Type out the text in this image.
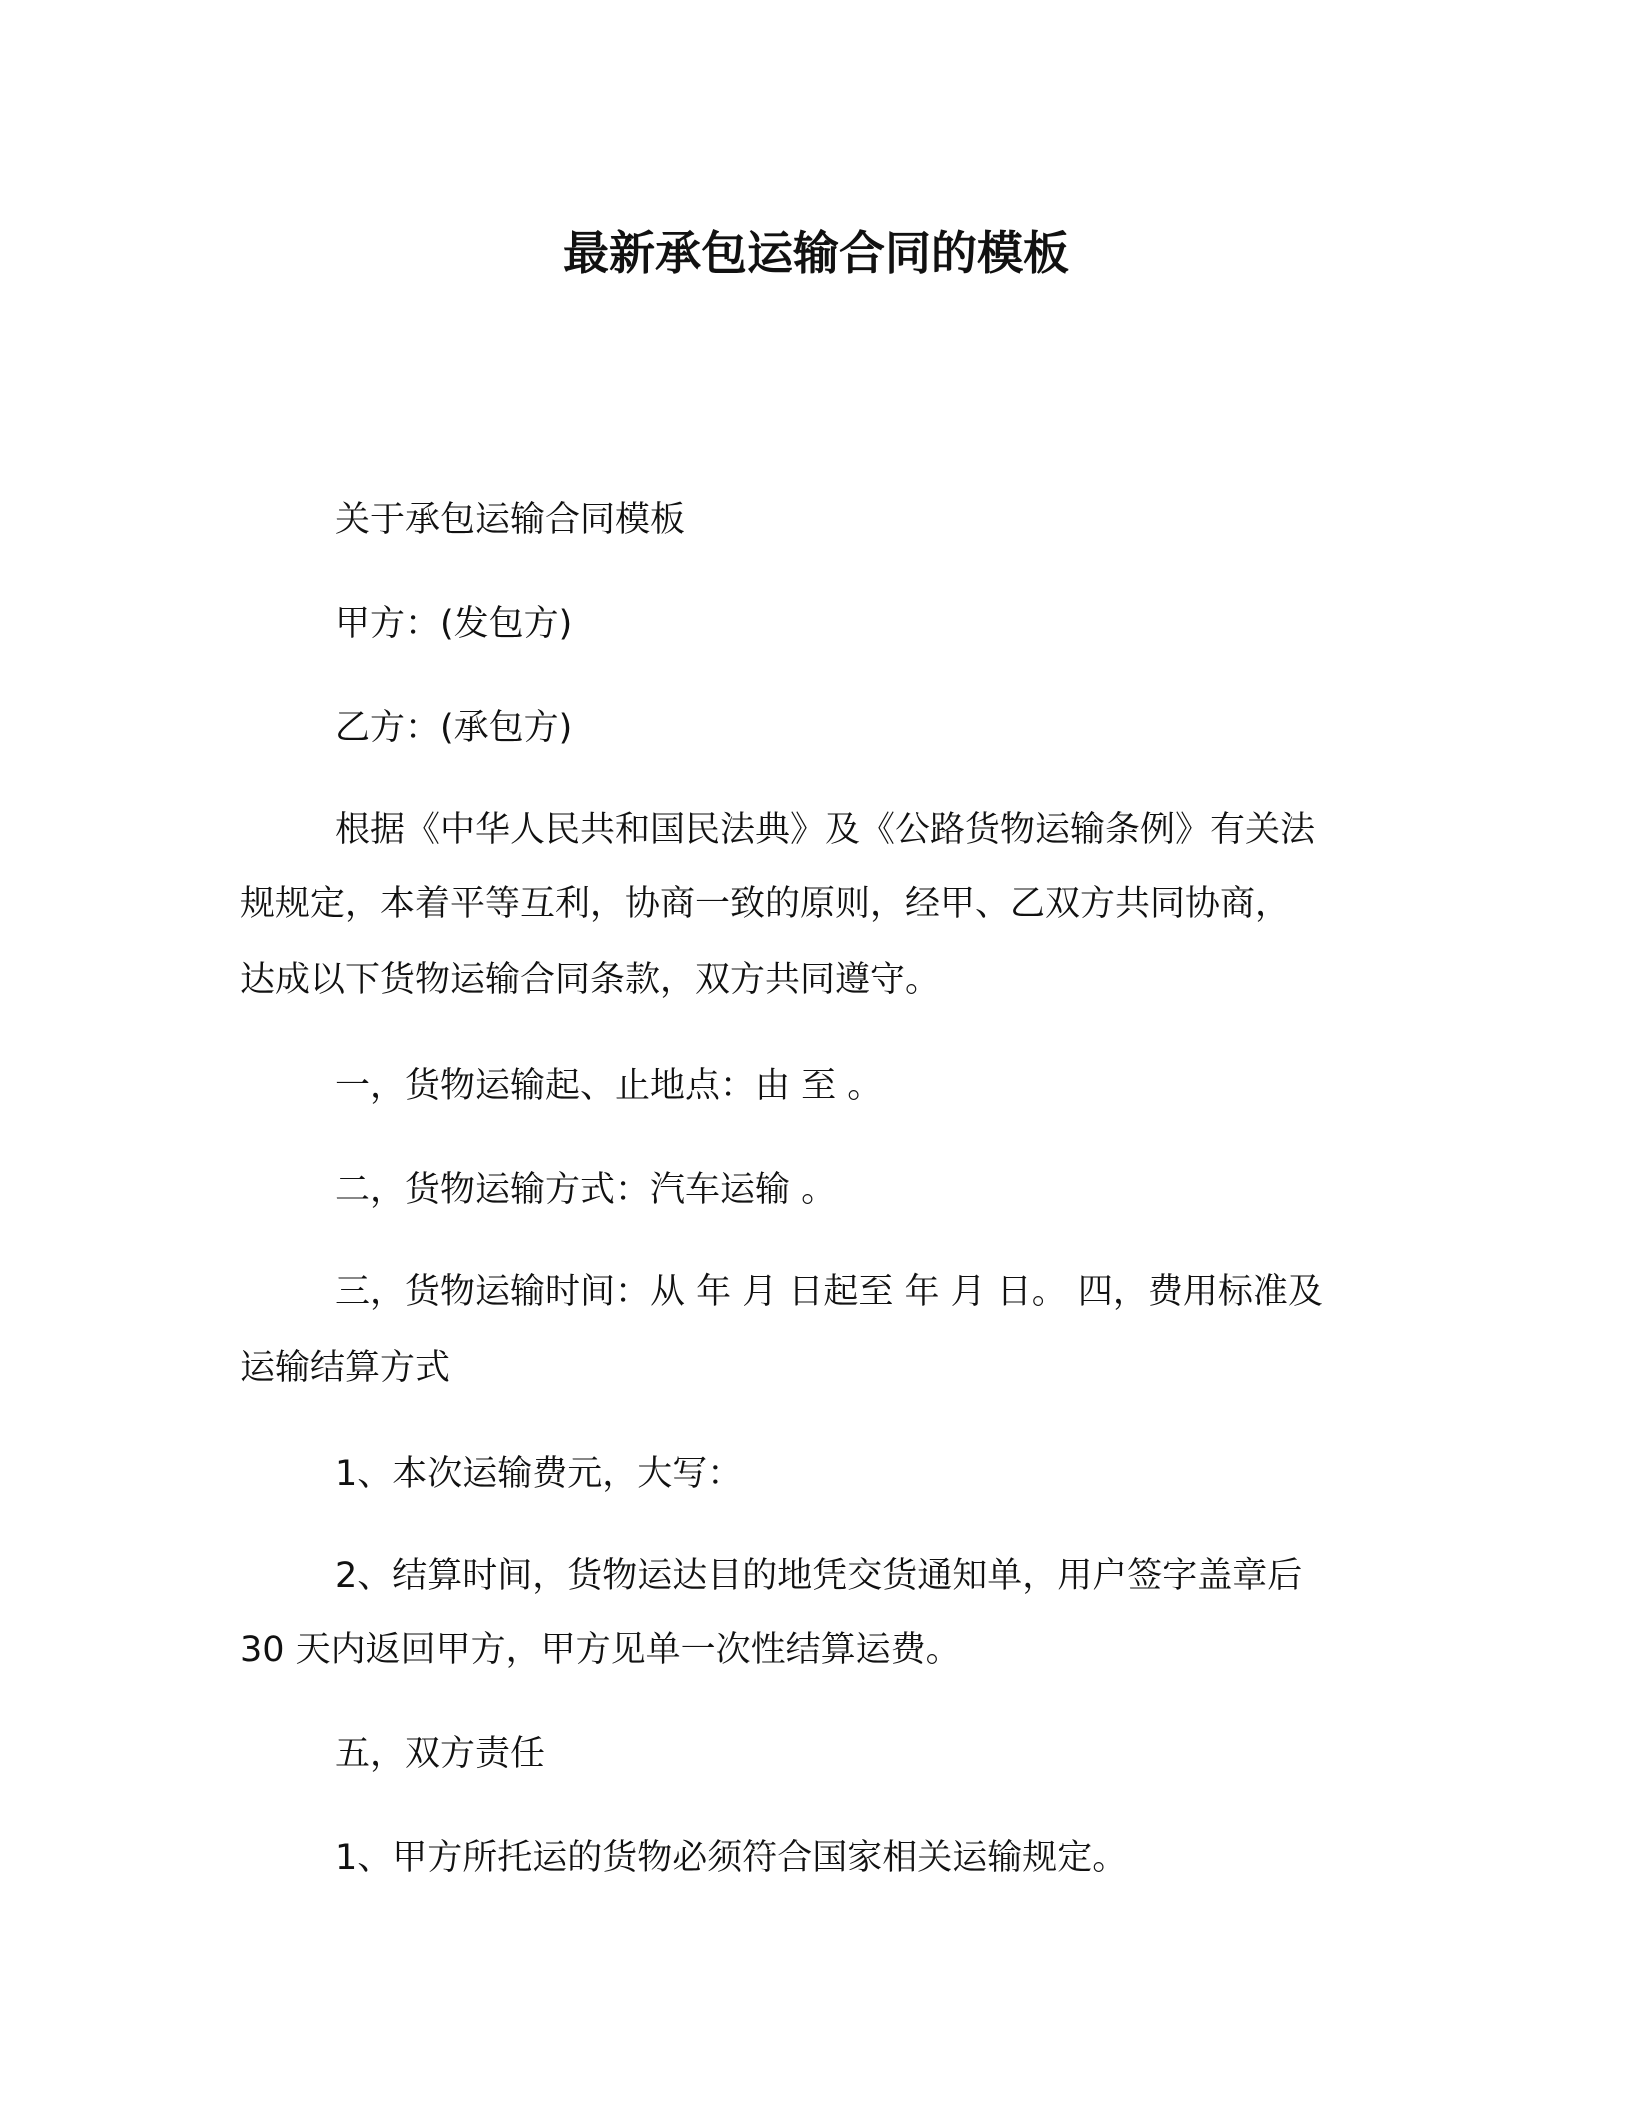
最新承包运输合同的模板

关于承包运输合同模板

甲方：(发包方)

乙方：(承包方)

根据《中华人民共和国民法典》及《公路货物运输条例》有关法

规规定，本着平等互利，协商一致的原则，经甲、乙双方共同协商，

达成以下货物运输合同条款，双方共同遵守。

一，货物运输起、止地点：由 至 。

二，货物运输方式：汽车运输 。

三，货物运输时间：从 年 月 日起至 年 月 日。 四，费用标准及

运输结算方式

1、本次运输费元，大写：

2、结算时间，货物运达目的地凭交货通知单，用户签字盖章后

30 天内返回甲方，甲方见单一次性结算运费。

五，双方责任

1、甲方所托运的货物必须符合国家相关运输规定。
